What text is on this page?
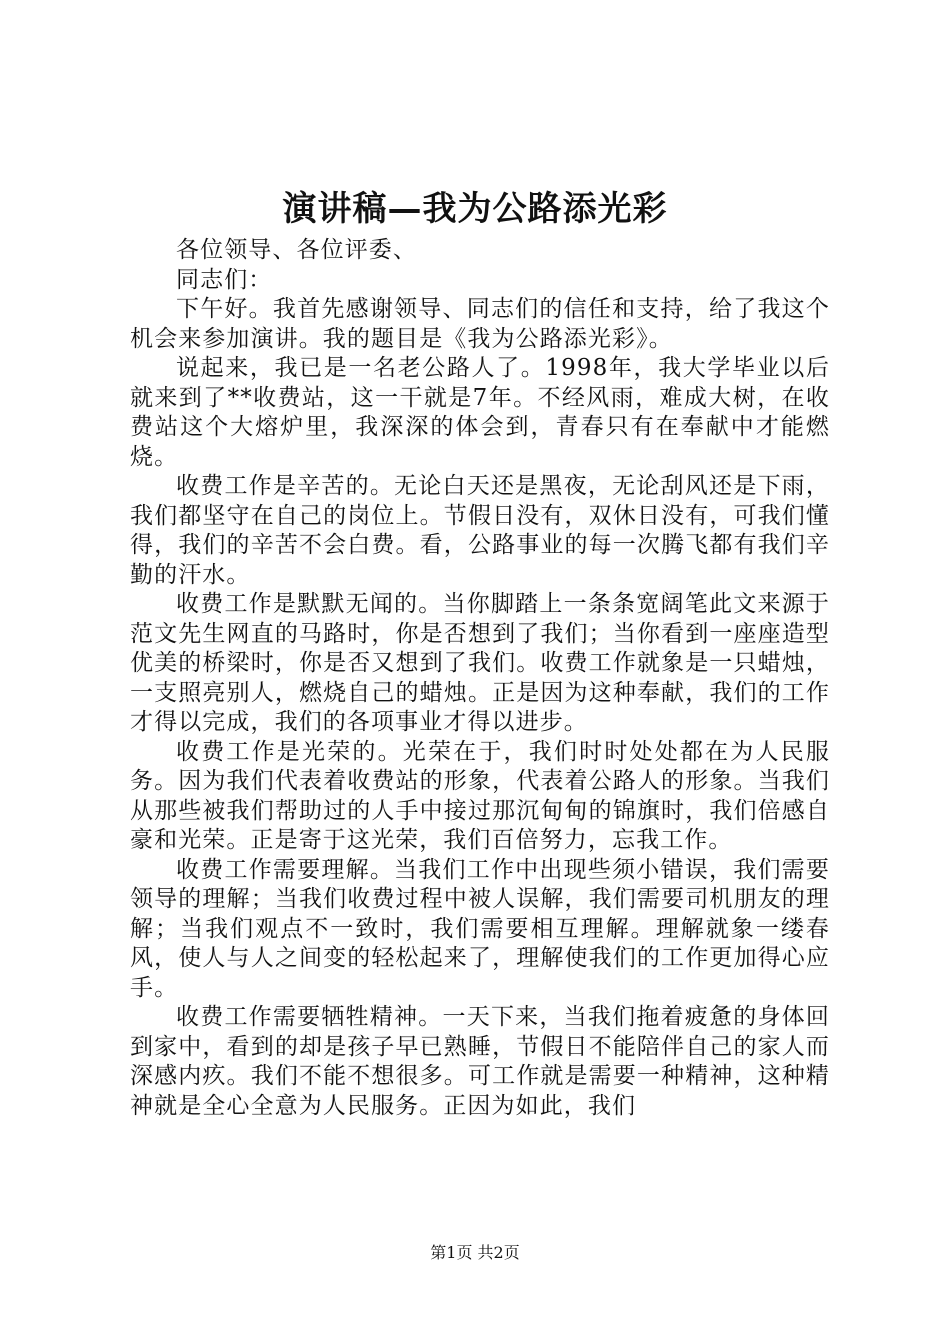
演讲稿—我为公路添光彩

各位领导、各位评委、

同志们：

下午好。我首先感谢领导、同志们的信任和支持，给了我这个机会来参加演讲。我的题目是《我为公路添光彩》。

说起来，我已是一名老公路人了。1998年，我大学毕业以后就来到了**收费站，这一干就是7年。不经风雨，难成大树，在收费站这个大熔炉里，我深深的体会到，青春只有在奉献中才能燃烧。

收费工作是辛苦的。无论白天还是黑夜，无论刮风还是下雨，我们都坚守在自己的岗位上。节假日没有，双休日没有，可我们懂得，我们的辛苦不会白费。看，公路事业的每一次腾飞都有我们辛勤的汗水。

收费工作是默默无闻的。当你脚踏上一条条宽阔笔此文来源于范文先生网直的马路时，你是否想到了我们；当你看到一座座造型优美的桥梁时，你是否又想到了我们。收费工作就象是一只蜡烛，一支照亮别人，燃烧自己的蜡烛。正是因为这种奉献，我们的工作才得以完成，我们的各项事业才得以进步。

收费工作是光荣的。光荣在于，我们时时处处都在为人民服务。因为我们代表着收费站的形象，代表着公路人的形象。当我们从那些被我们帮助过的人手中接过那沉甸甸的锦旗时，我们倍感自豪和光荣。正是寄于这光荣，我们百倍努力，忘我工作。

收费工作需要理解。当我们工作中出现些须小错误，我们需要领导的理解；当我们收费过程中被人误解，我们需要司机朋友的理解；当我们观点不一致时，我们需要相互理解。理解就象一缕春风，使人与人之间变的轻松起来了，理解使我们的工作更加得心应手。

收费工作需要牺牲精神。一天下来，当我们拖着疲惫的身体回到家中，看到的却是孩子早已熟睡，节假日不能陪伴自己的家人而深感内疚。我们不能不想很多。可工作就是需要一种精神，这种精神就是全心全意为人民服务。正因为如此，我们

第1页 共2页
